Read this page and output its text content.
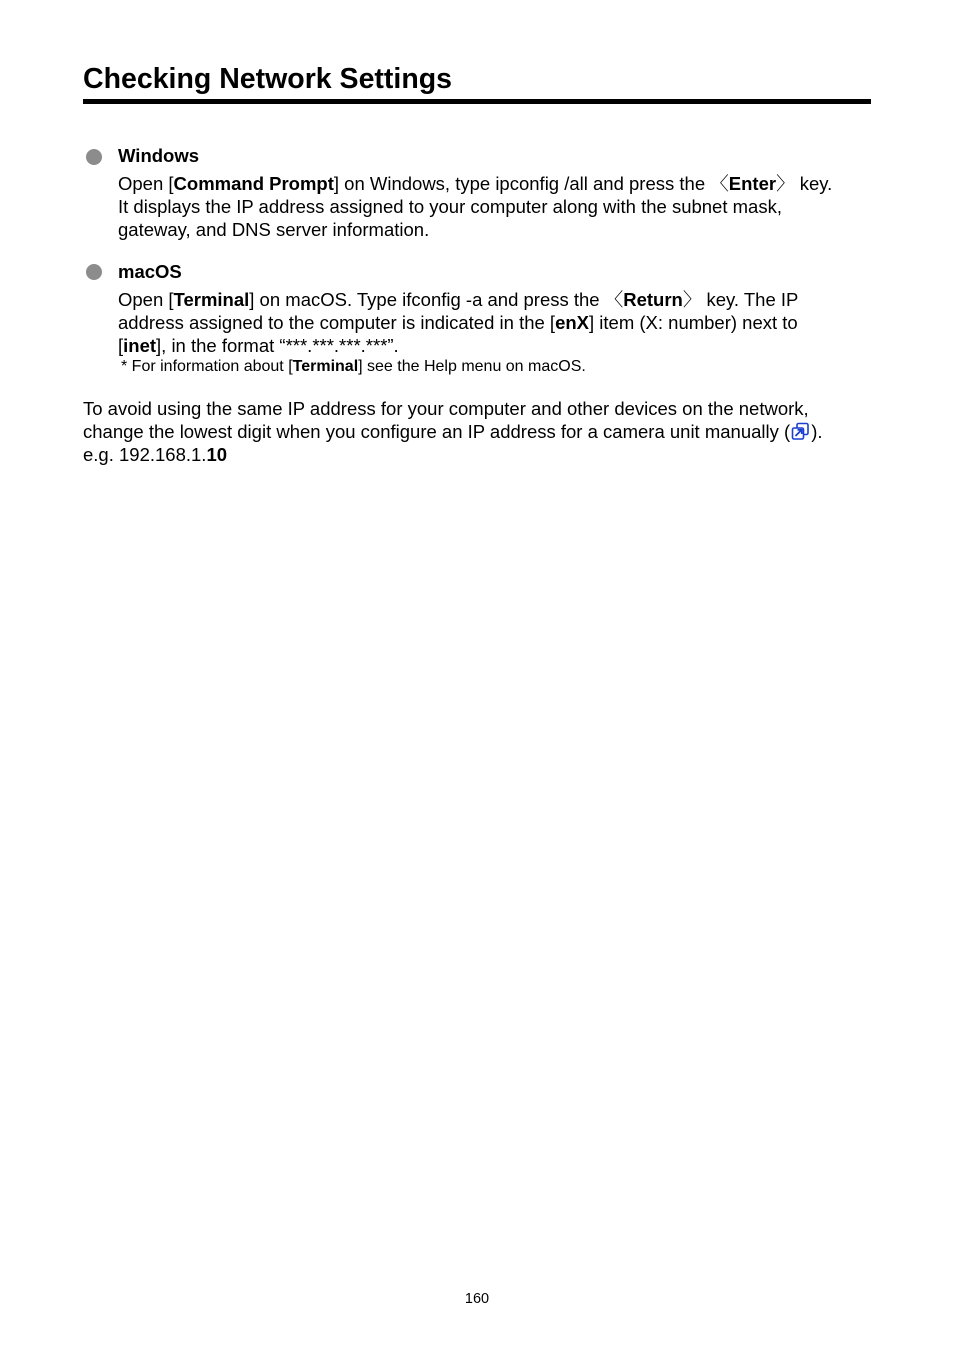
Checking Network Settings
Windows
Open [Command Prompt] on Windows, type ipconfig /all and press the 〈Enter〉 key.
It displays the IP address assigned to your computer along with the subnet mask,
gateway, and DNS server information.
macOS
Open [Terminal] on macOS. Type ifconfig -a and press the 〈Return〉 key. The IP
address assigned to the computer is indicated in the [enX] item (X: number) next to
[inet], in the format “***.***.***.***”.
* For information about [Terminal] see the Help menu on macOS.
To avoid using the same IP address for your computer and other devices on the network,
change the lowest digit when you configure an IP address for a camera unit manually ( ).
e.g. 192.168.1.10
160
